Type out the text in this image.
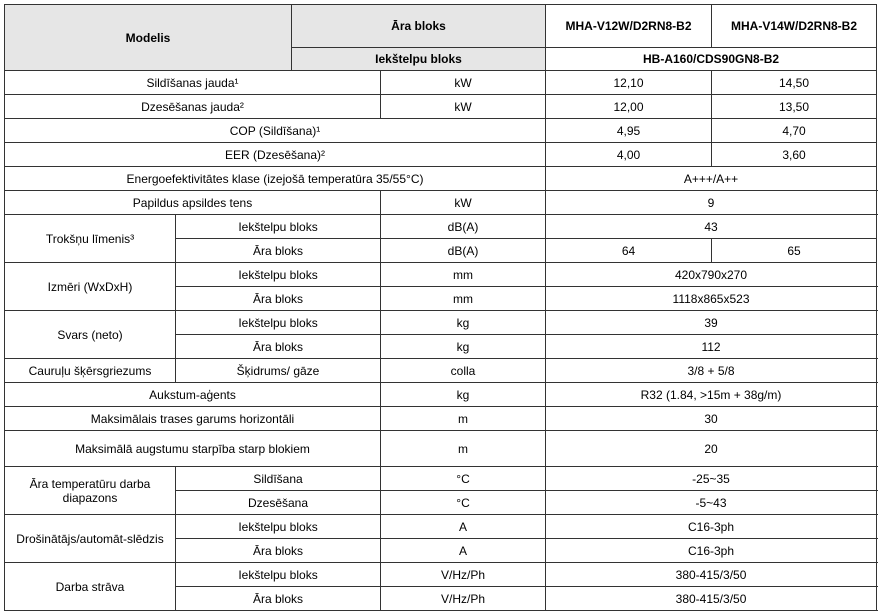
Modelis		Āra bloks		MHA-V12W/D2RN8-B2	MHA-V14W/D2RN8-B2	
		Iekštelpu bloks		HB-A160/CDS90GN8-B2		
Sildīšanas jauda¹			kW	12,10	14,50	
Dzesēšanas jauda²			kW	12,00	13,50	
COP (Sildīšana)¹				4,95	4,70	
EER (Dzesēšana)²				4,00	3,60	
Energoefektivitātes klase (izejošā temperatūra 35/55°C)				A+++/A++		
Papildus apsildes tens			kW	9		
Trokšņu līmenis³	Iekštelpu bloks		dB(A)	43		
	Āra bloks		dB(A)	64	65	
Izmēri (WxDxH)	Iekštelpu bloks		mm	420x790x270		
	Āra bloks		mm	1118x865x523		
Svars (neto)	Iekštelpu bloks		kg	39		
	Āra bloks		kg	112		
Cauruļu šķērsgriezums	Šķidrums/ gāze		colla	3/8 + 5/8		
Aukstum-aģents			kg	R32 (1.84, >15m + 38g/m)		
Maksimālais trases garums horizontāli			m	30		
Maksimālā augstumu starpība starp blokiem			m	20		
Āra temperatūru darba diapazons	Sildīšana		°C	-25~35		
	Dzesēšana		°C	-5~43		
Drošinātājs/automāt-slēdzis	Iekštelpu bloks		A	C16-3ph		
	Āra bloks		A	C16-3ph		
Darba strāva	Iekštelpu bloks		V/Hz/Ph	380-415/3/50		
	Āra bloks		V/Hz/Ph	380-415/3/50		
